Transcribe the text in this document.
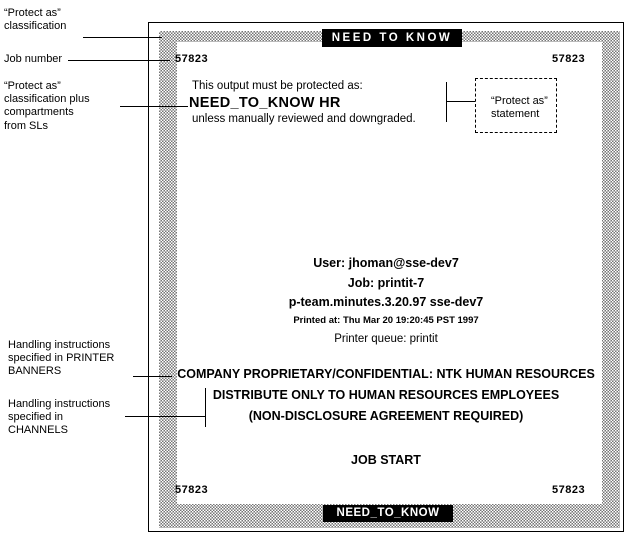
NEED TO KNOW
NEED_TO_KNOW
57823	57823
57823	57823
This output must be protected as:
NEED_TO_KNOW HR
unless manually reviewed and downgraded.
“Protect as”
statement
User: jhoman@sse-dev7
Job: printit-7
p-team.minutes.3.20.97 sse-dev7
Printed at: Thu Mar 20 19:20:45 PST 1997
Printer queue: printit
COMPANY PROPRIETARY/CONFIDENTIAL: NTK HUMAN RESOURCES
DISTRIBUTE ONLY TO HUMAN RESOURCES EMPLOYEES
(NON-DISCLOSURE AGREEMENT REQUIRED)
JOB START
“Protect as”
classification
Job number
“Protect as”
classification plus
compartments
from SLs
Handling instructions
specified in PRINTER
BANNERS
Handling instructions
specified in
CHANNELS
